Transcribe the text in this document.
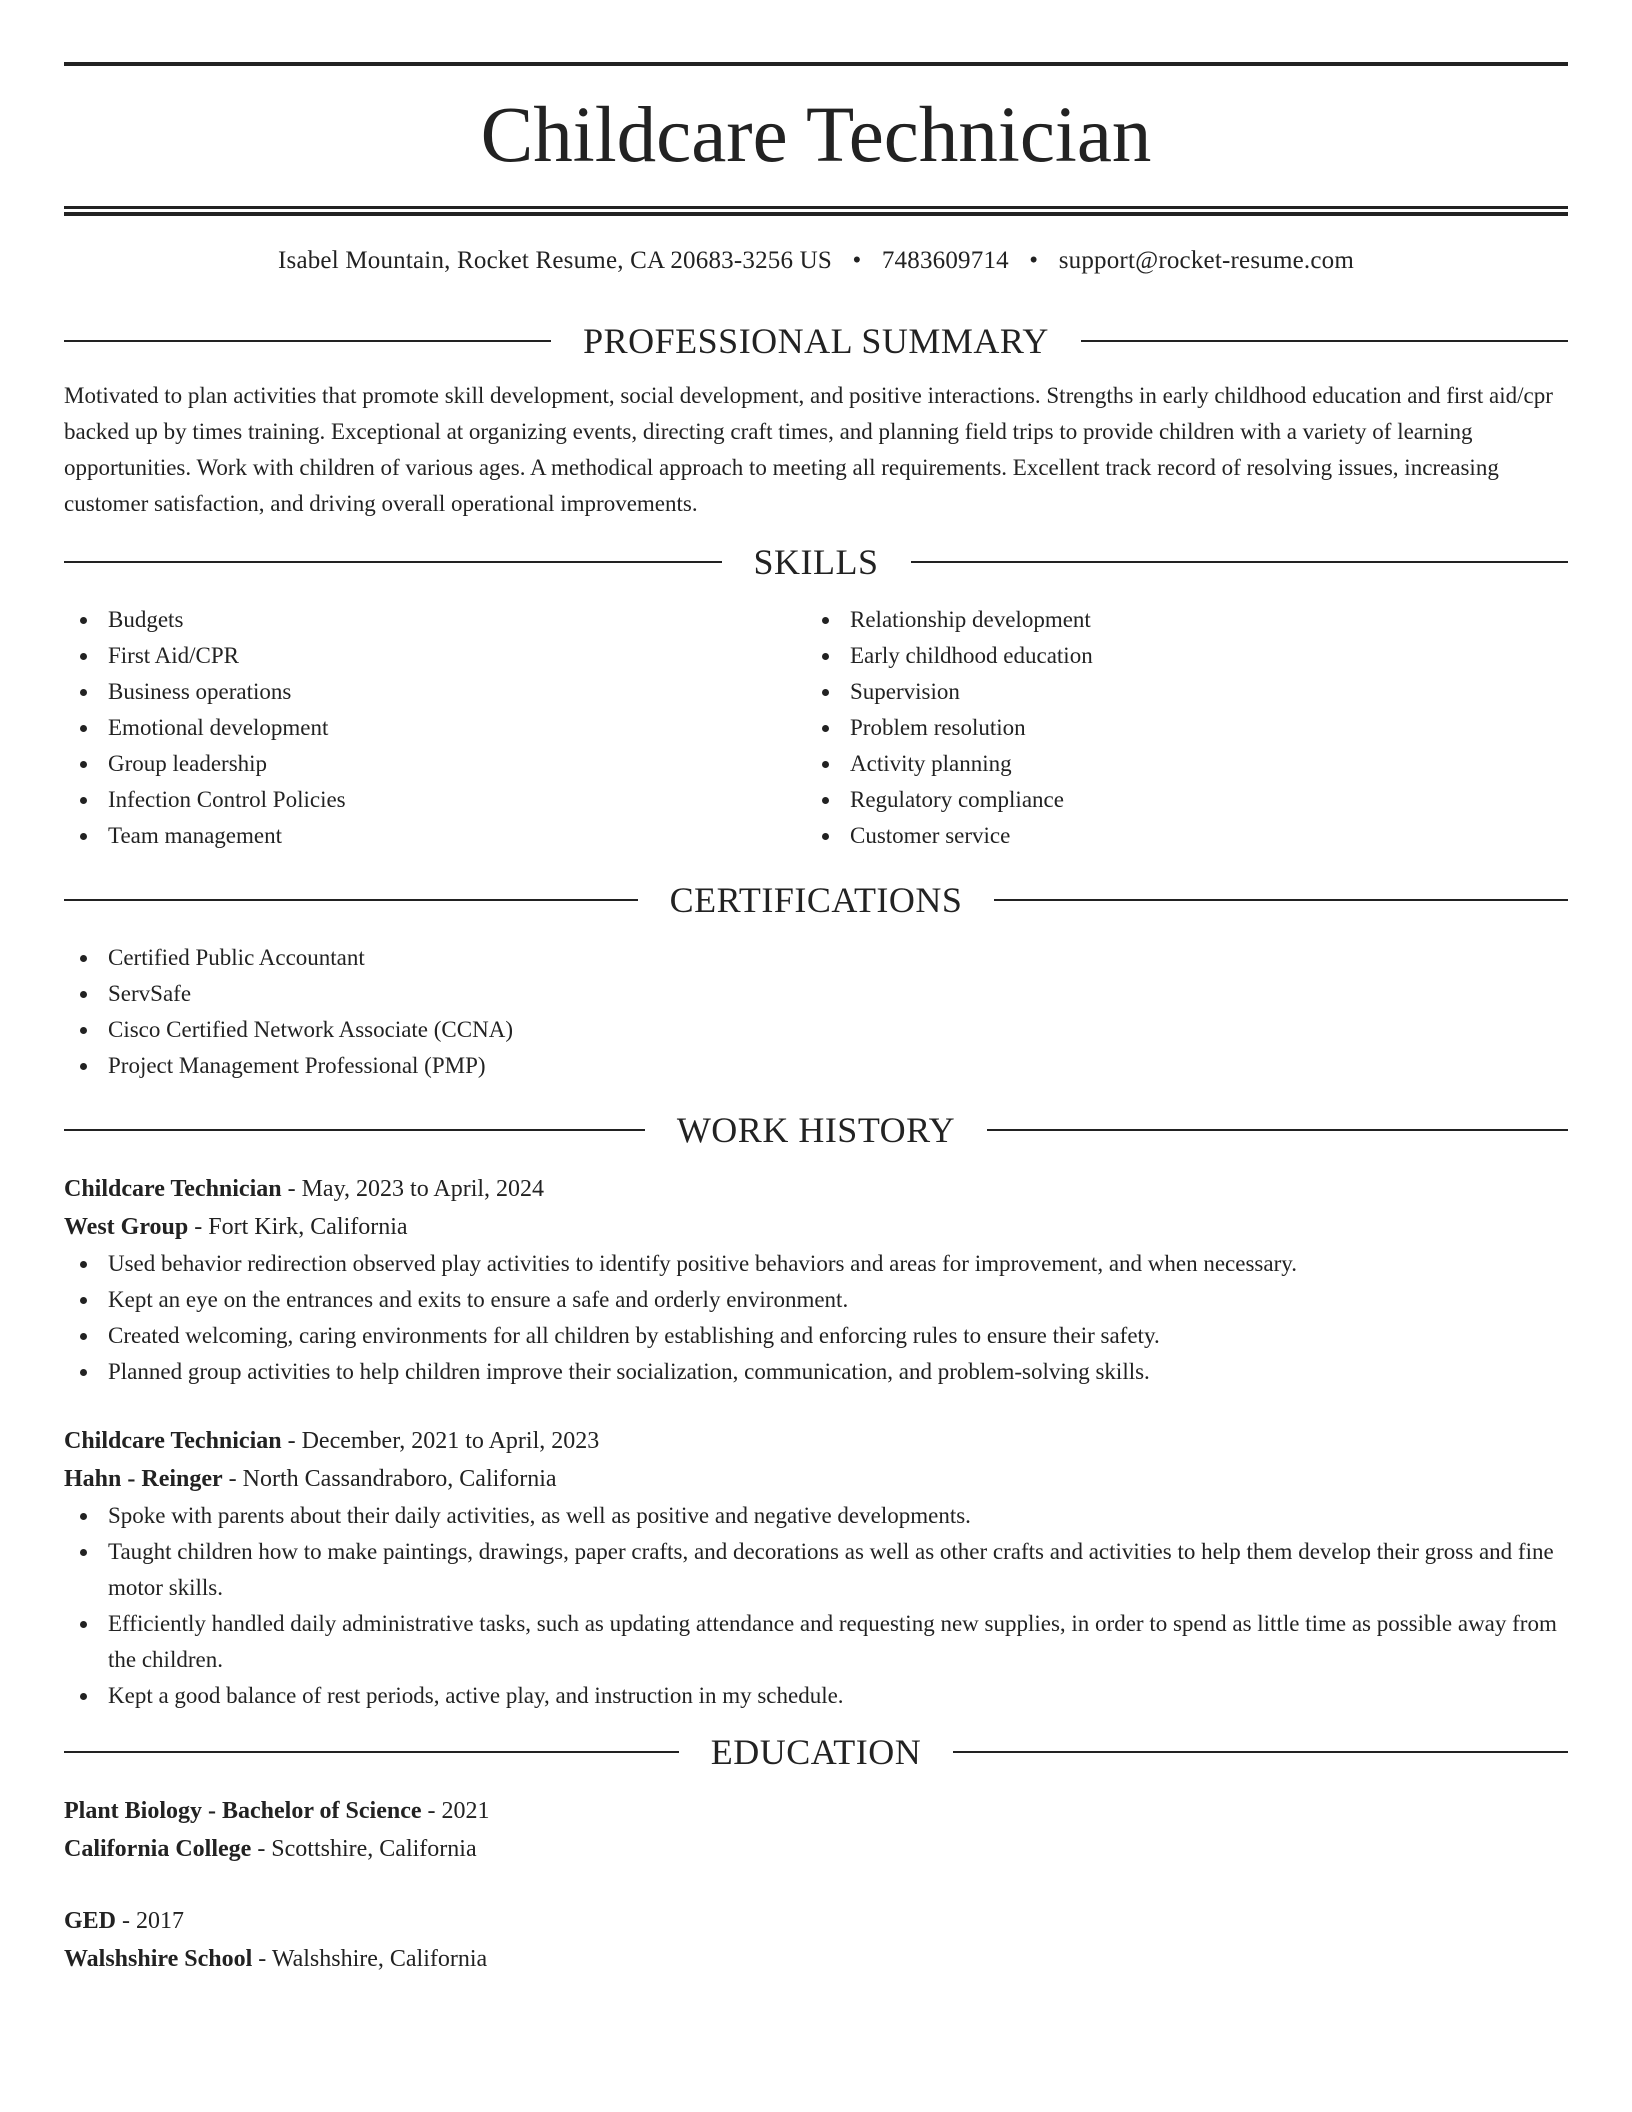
Childcare Technician
Isabel Mountain, Rocket Resume, CA 20683-3256 US • 7483609714 • support@rocket-resume.com
PROFESSIONAL SUMMARY

Motivated to plan activities that promote skill development, social development, and positive interactions. Strengths in early childhood education and first aid/cpr backed up by times training. Exceptional at organizing events, directing craft times, and planning field trips to provide children with a variety of learning opportunities. Work with children of various ages. A methodical approach to meeting all requirements. Excellent track record of resolving issues, increasing customer satisfaction, and driving overall operational improvements.

SKILLS
Budgets
First Aid/CPR
Business operations
Emotional development
Group leadership
Infection Control Policies
Team management
Relationship development
Early childhood education
Supervision
Problem resolution
Activity planning
Regulatory compliance
Customer service
CERTIFICATIONS
Certified Public Accountant
ServSafe
Cisco Certified Network Associate (CCNA)
Project Management Professional (PMP)
WORK HISTORY
Childcare Technician - May, 2023 to April, 2024
West Group - Fort Kirk, California
Used behavior redirection observed play activities to identify positive behaviors and areas for improvement, and when necessary.
Kept an eye on the entrances and exits to ensure a safe and orderly environment.
Created welcoming, caring environments for all children by establishing and enforcing rules to ensure their safety.
Planned group activities to help children improve their socialization, communication, and problem-solving skills.
Childcare Technician - December, 2021 to April, 2023
Hahn - Reinger - North Cassandraboro, California
Spoke with parents about their daily activities, as well as positive and negative developments.
Taught children how to make paintings, drawings, paper crafts, and decorations as well as other crafts and activities to help them develop their gross and fine motor skills.
Efficiently handled daily administrative tasks, such as updating attendance and requesting new supplies, in order to spend as little time as possible away from the children.
Kept a good balance of rest periods, active play, and instruction in my schedule.
EDUCATION
Plant Biology - Bachelor of Science - 2021
California College - Scottshire, California
GED - 2017
Walshshire School - Walshshire, California
